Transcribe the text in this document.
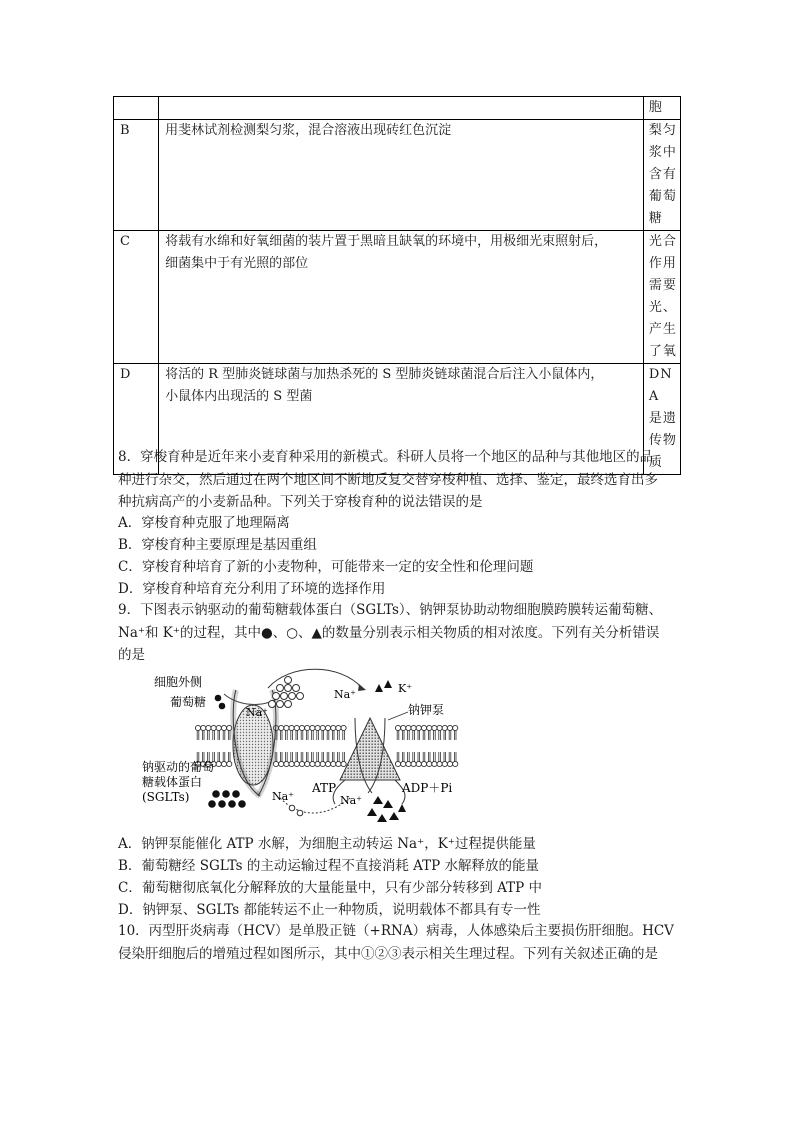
		胞

B	用斐林试剂检测梨匀浆，混合溶液出现砖红色沉淀	梨匀浆中含有葡萄糖

C	将载有水绵和好氧细菌的装片置于黑暗且缺氧的环境中，用极细光束照射后，
细菌集中于有光照的部位	光合作用需要光、产生了氧

D	将活的 R 型肺炎链球菌与加热杀死的 S 型肺炎链球菌混合后注入小鼠体内，
小鼠体内出现活的 S 型菌	DNA 是遗传物质
8．穿梭育种是近年来小麦育种采用的新模式。科研人员将一个地区的品种与其他地区的品
种进行杂交，然后通过在两个地区间不断地反复交替穿梭种植、选择、鉴定，最终选育出多
种抗病高产的小麦新品种。下列关于穿梭育种的说法错误的是
A．穿梭育种克服了地理隔离
B．穿梭育种主要原理是基因重组
C．穿梭育种培育了新的小麦物种，可能带来一定的安全性和伦理问题
D．穿梭育种培育充分利用了环境的选择作用
9．下图表示钠驱动的葡萄糖载体蛋白（SGLTs）、钠钾泵协助动物细胞膜跨膜转运葡萄糖、
Na⁺和 K⁺的过程，其中●、○、▲的数量分别表示相关物质的相对浓度。下列有关分析错误
的是
细胞外侧
葡萄糖
Na⁺
Na⁺	K⁺
钠钾泵
钠驱动的葡萄
糖载体蛋白
(SGLTs)	Na⁺	Na⁺
ATP	ADP＋Pi
A．钠钾泵能催化 ATP 水解，为细胞主动转运 Na⁺，K⁺过程提供能量
B．葡萄糖经 SGLTs 的主动运输过程不直接消耗 ATP 水解释放的能量
C．葡萄糖彻底氧化分解释放的大量能量中，只有少部分转移到 ATP 中
D．钠钾泵、SGLTs 都能转运不止一种物质，说明载体不都具有专一性
10．丙型肝炎病毒（HCV）是单股正链（+RNA）病毒，人体感染后主要损伤肝细胞。HCV
侵染肝细胞后的增殖过程如图所示，其中①②③表示相关生理过程。下列有关叙述正确的是
